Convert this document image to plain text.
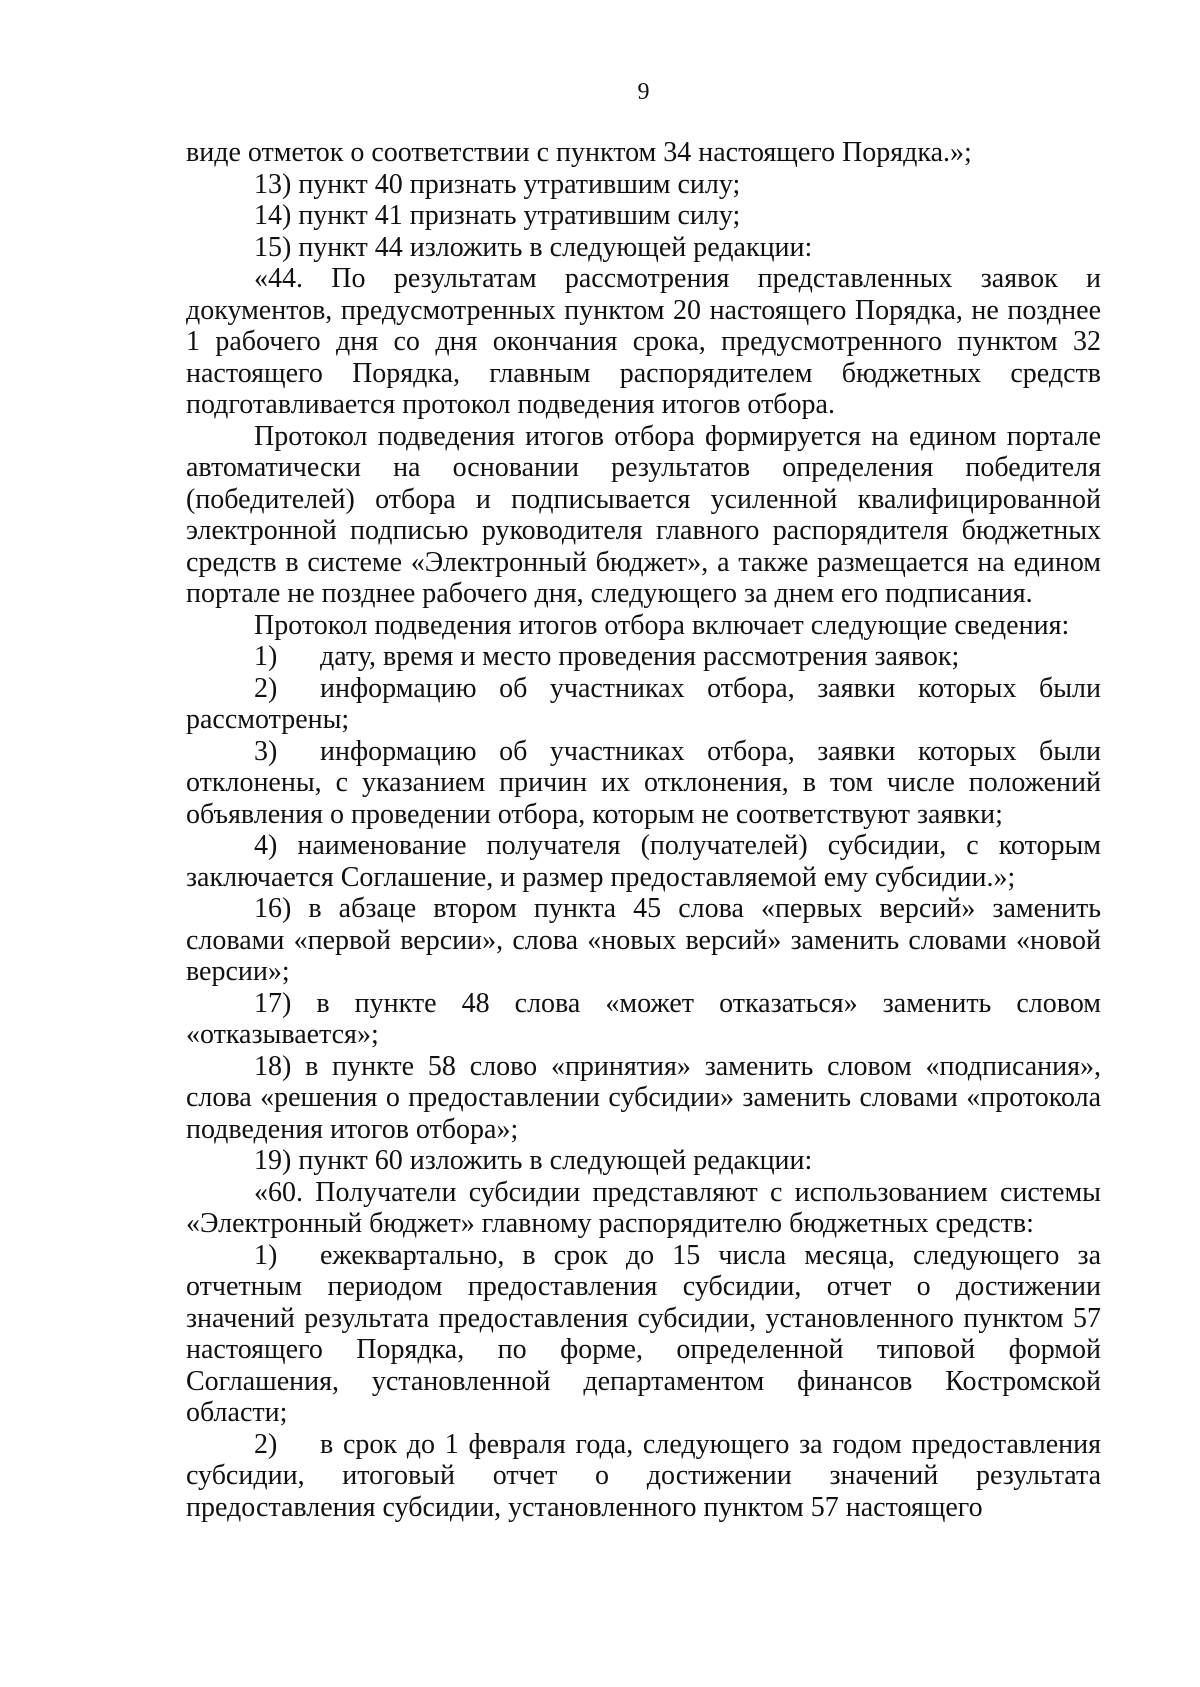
9

виде отметок о соответствии с пунктом 34 настоящего Порядка.»;

13) пункт 40 признать утратившим силу;

14) пункт 41 признать утратившим силу;

15) пункт 44 изложить в следующей редакции:

«44. По результатам рассмотрения представленных заявок и документов, предусмотренных пунктом 20 настоящего Порядка, не позднее 1 рабочего дня со дня окончания срока, предусмотренного пунктом 32 настоящего Порядка, главным распорядителем бюджетных средств подготавливается протокол подведения итогов отбора.

Протокол подведения итогов отбора формируется на едином портале автоматически на основании результатов определения победителя (победителей) отбора и подписывается усиленной квалифицированной электронной подписью руководителя главного распорядителя бюджетных средств в системе «Электронный бюджет», а также размещается на едином портале не позднее рабочего дня, следующего за днем его подписания.

Протокол подведения итогов отбора включает следующие сведения:

1) дату, время и место проведения рассмотрения заявок;

2) информацию об участниках отбора, заявки которых были рассмотрены;

3) информацию об участниках отбора, заявки которых были отклонены, с указанием причин их отклонения, в том числе положений объявления о проведении отбора, которым не соответствуют заявки;

4) наименование получателя (получателей) субсидии, с которым заключается Соглашение, и размер предоставляемой ему субсидии.»;

16) в абзаце втором пункта 45 слова «первых версий» заменить словами «первой версии», слова «новых версий» заменить словами «новой версии»;

17) в пункте 48 слова «может отказаться» заменить словом «отказывается»;

18) в пункте 58 слово «принятия» заменить словом «подписания», слова «решения о предоставлении субсидии» заменить словами «протокола подведения итогов отбора»;

19) пункт 60 изложить в следующей редакции:

«60. Получатели субсидии представляют с использованием системы «Электронный бюджет» главному распорядителю бюджетных средств:

1) ежеквартально, в срок до 15 числа месяца, следующего за отчетным периодом предоставления субсидии, отчет о достижении значений результата предоставления субсидии, установленного пунктом 57 настоящего Порядка, по форме, определенной типовой формой Соглашения, установленной департаментом финансов Костромской области;

2) в срок до 1 февраля года, следующего за годом предоставления субсидии, итоговый отчет о достижении значений результата предоставления субсидии, установленного пунктом 57 настоящего
